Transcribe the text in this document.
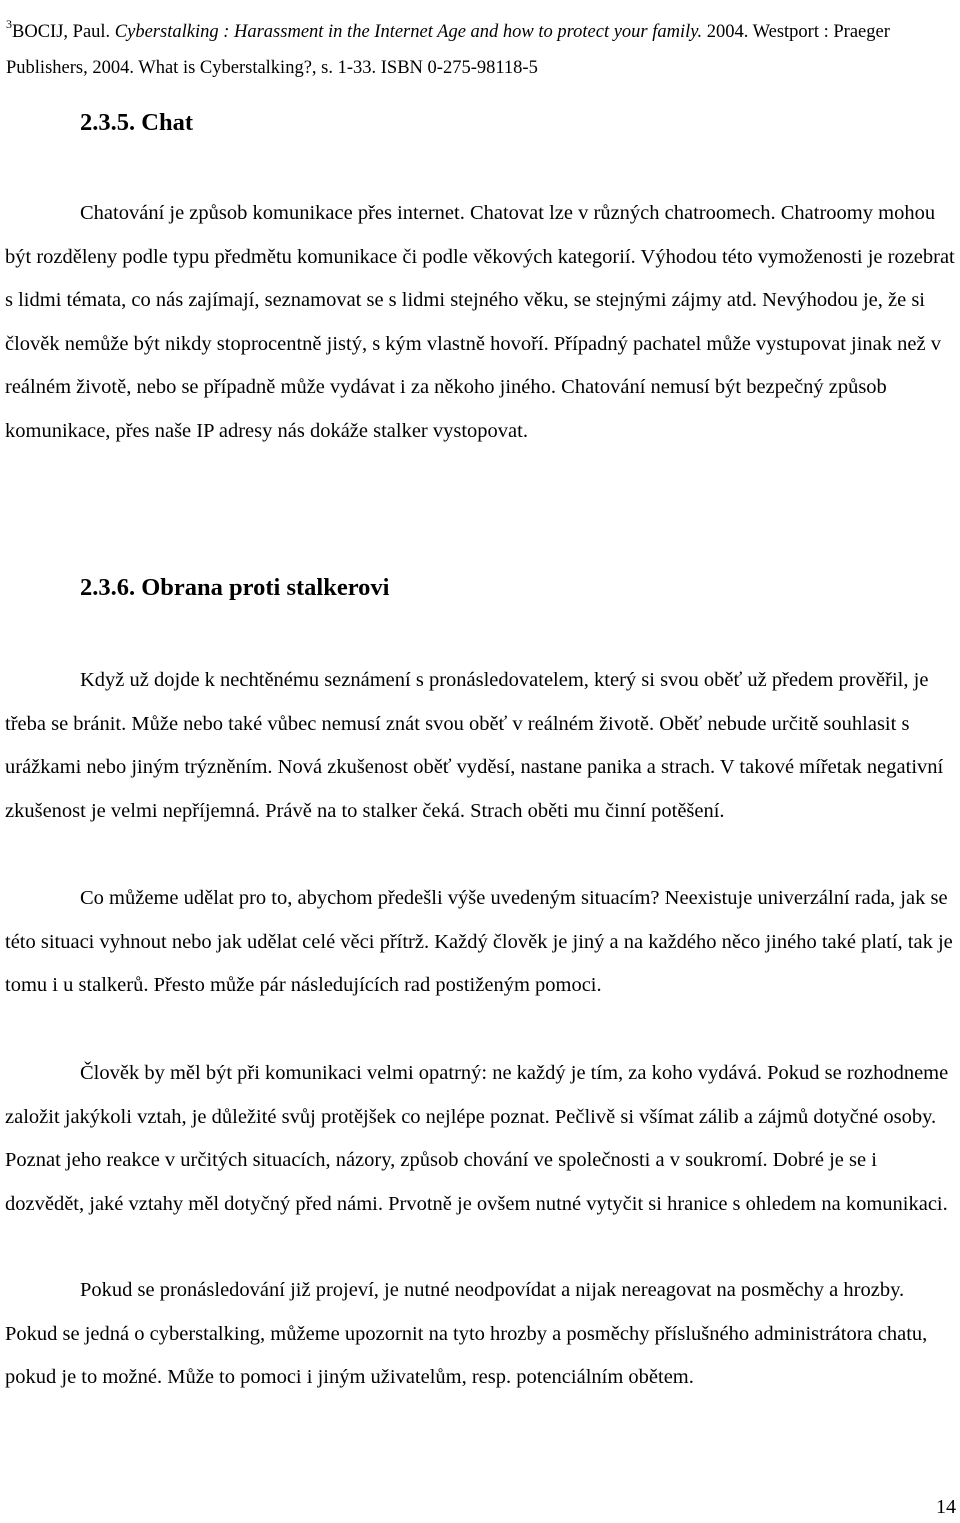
$^3$BOCIJ, Paul. Cyberstalking : Harassment in the Internet Age and how to protect your family. 2004. Westport : Praeger Publishers, 2004. What is Cyberstalking?, s. 1-33. ISBN 0-275-98118-5
2.3.5. Chat

Chatování je způsob komunikace přes internet. Chatovat lze v různých chatroomech. Chatroomy mohou být rozděleny podle typu předmětu komunikace či podle věkových kategorií. Výhodou této vymoženosti je rozebrat s lidmi témata, co nás zajímají, seznamovat se s lidmi stejného věku, se stejnými zájmy atd. Nevýhodou je, že si člověk nemůže být nikdy stoprocentně jistý, s kým vlastně hovoří. Případný pachatel může vystupovat jinak než v reálném životě, nebo se případně může vydávat i za někoho jiného. Chatování nemusí být bezpečný způsob komunikace, přes naše IP adresy nás dokáže stalker vystopovat.

2.3.6. Obrana proti stalkerovi

Když už dojde k nechtěnému seznámení s pronásledovatelem, který si svou oběť už předem prověřil, je třeba se bránit. Může nebo také vůbec nemusí znát svou oběť v reálném životě. Oběť nebude určitě souhlasit s urážkami nebo jiným trýzněním. Nová zkušenost oběť vyděsí, nastane panika a strach. V takové mířetak negativní zkušenost je velmi nepříjemná. Právě na to stalker čeká. Strach oběti mu činní potěšení.

Co můžeme udělat pro to, abychom předešli výše uvedeným situacím? Neexistuje univerzální rada, jak se této situaci vyhnout nebo jak udělat celé věci přítrž. Každý člověk je jiný a na každého něco jiného také platí, tak je tomu i u stalkerů. Přesto může pár následujících rad postiženým pomoci.

Člověk by měl být při komunikaci velmi opatrný: ne každý je tím, za koho vydává. Pokud se rozhodneme založit jakýkoli vztah, je důležité svůj protějšek co nejlépe poznat. Pečlivě si všímat zálib a zájmů dotyčné osoby. Poznat jeho reakce v určitých situacích, názory, způsob chování ve společnosti a v soukromí. Dobré je se i dozvědět, jaké vztahy měl dotyčný před námi. Prvotně je ovšem nutné vytyčit si hranice s ohledem na komunikaci.

Pokud se pronásledování již projeví, je nutné neodpovídat a nijak nereagovat na posměchy a hrozby. Pokud se jedná o cyberstalking, můžeme upozornit na tyto hrozby a posměchy příslušného administrátora chatu, pokud je to možné. Může to pomoci i jiným uživatelům, resp. potenciálním obětem.

14
